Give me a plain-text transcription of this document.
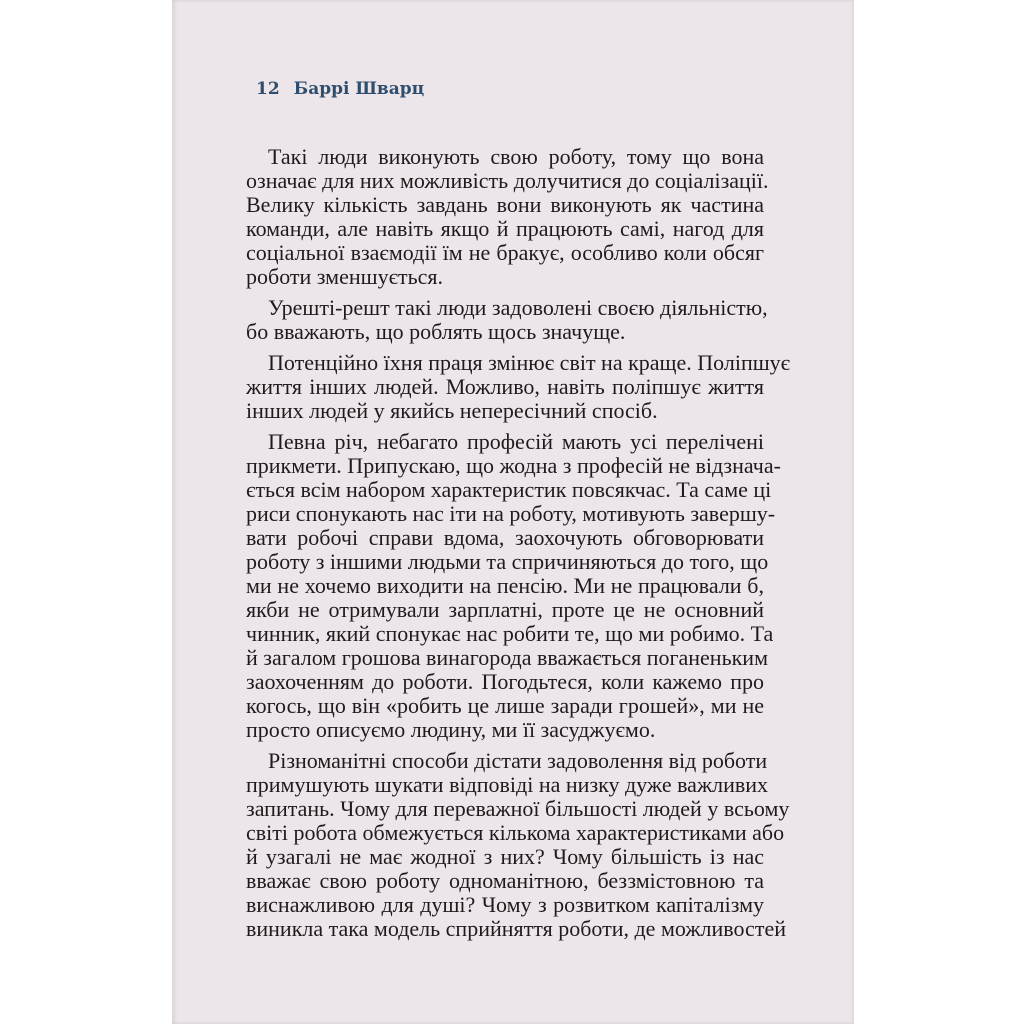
12 Баррі Шварц
Такі люди виконують свою роботу, тому що вона
означає для них можливість долучитися до соціалізації.
Велику кількість завдань вони виконують як частина
команди, але навіть якщо й працюють самі, нагод для
соціальної взаємодії їм не бракує, особливо коли обсяг
роботи зменшується.
Урешті-решт такі люди задоволені своєю діяльністю,
бо вважають, що роблять щось значуще.
Потенційно їхня праця змінює світ на краще. Поліпшує
життя інших людей. Можливо, навіть поліпшує життя
інших людей у якийсь непересічний спосіб.
Певна річ, небагато професій мають усі перелічені
прикмети. Припускаю, що жодна з професій не відзнача-
ється всім набором характеристик повсякчас. Та саме ці
риси спонукають нас іти на роботу, мотивують завершу-
вати робочі справи вдома, заохочують обговорювати
роботу з іншими людьми та спричиняються до того, що
ми не хочемо виходити на пенсію. Ми не працювали б,
якби не отримували зарплатні, проте це не основний
чинник, який спонукає нас робити те, що ми робимо. Та
й загалом грошова винагорода вважається поганеньким
заохоченням до роботи. Погодьтеся, коли кажемо про
когось, що він «робить це лише заради грошей», ми не
просто описуємо людину, ми її засуджуємо.
Різноманітні способи дістати задоволення від роботи
примушують шукати відповіді на низку дуже важливих
запитань. Чому для переважної більшості людей у всьому
світі робота обмежується кількома характеристиками або
й узагалі не має жодної з них? Чому більшість із нас
вважає свою роботу одноманітною, беззмістовною та
виснажливою для душі? Чому з розвитком капіталізму
виникла така модель сприйняття роботи, де можливостей
